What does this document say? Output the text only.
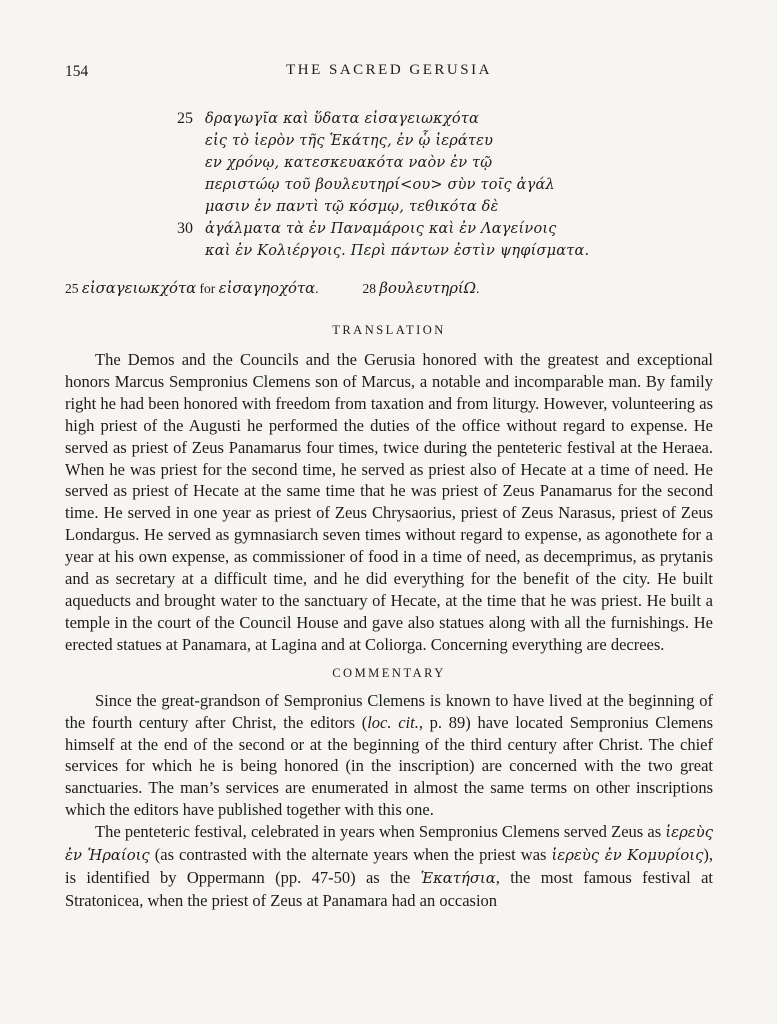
154	THE SACRED GERUSIA
25 δραγωγῖα καὶ ὕδατα εἰσαγειωκχότα
εἰς τὸ ἱερὸν τῆς Ἑκάτης, ἐν ᾧ ἱεράτευ
εν χρόνῳ, κατεσκευακότα ναὸν ἐν τῷ
περιστώῳ τοῦ βουλευτηρί<ου> σὺν τοῖς ἀγάλ
μασιν ἐν παντὶ τῷ κόσμῳ, τεθικότα δὲ
30 ἀγάλματα τὰ ἐν Παναμάροις καὶ ἐν Λαγείνοις
καὶ ἐν Κολιέργοις. Περὶ πάντων ἐστὶν ψηφίσματα.
25 εἰσαγειωκχότα for εἰσαγηοχότα.	28 βουλευτηρίΩ.
TRANSLATION

The Demos and the Councils and the Gerusia honored with the greatest and exceptional honors Marcus Sempronius Clemens son of Marcus, a notable and incomparable man. By family right he had been honored with freedom from taxation and from liturgy. However, volunteering as high priest of the Augusti he performed the duties of the office without regard to expense. He served as priest of Zeus Panamarus four times, twice during the penteteric festival at the Heraea. When he was priest for the second time, he served as priest also of Hecate at a time of need. He served as priest of Hecate at the same time that he was priest of Zeus Panamarus for the second time. He served in one year as priest of Zeus Chrysaorius, priest of Zeus Narasus, priest of Zeus Londargus. He served as gymnasiarch seven times without regard to expense, as agonothete for a year at his own expense, as commissioner of food in a time of need, as decemprimus, as prytanis and as secretary at a difficult time, and he did everything for the benefit of the city. He built aqueducts and brought water to the sanctuary of Hecate, at the time that he was priest. He built a temple in the court of the Council House and gave also statues along with all the furnishings. He erected statues at Panamara, at Lagina and at Coliorga. Concerning everything are decrees.

COMMENTARY

Since the great-grandson of Sempronius Clemens is known to have lived at the beginning of the fourth century after Christ, the editors (loc. cit., p. 89) have located Sempronius Clemens himself at the end of the second or at the beginning of the third century after Christ. The chief services for which he is being honored (in the inscription) are concerned with the two great sanctuaries. The man’s services are enumerated in almost the same terms on other inscriptions which the editors have published together with this one.

The penteteric festival, celebrated in years when Sempronius Clemens served Zeus as ἱερεὺς ἐν Ἡραίοις (as contrasted with the alternate years when the priest was ἱερεὺς ἐν Κομυρίοις), is identified by Oppermann (pp. 47-50) as the Ἑκατήσια, the most famous festival at Stratonicea, when the priest of Zeus at Panamara had an occasion
